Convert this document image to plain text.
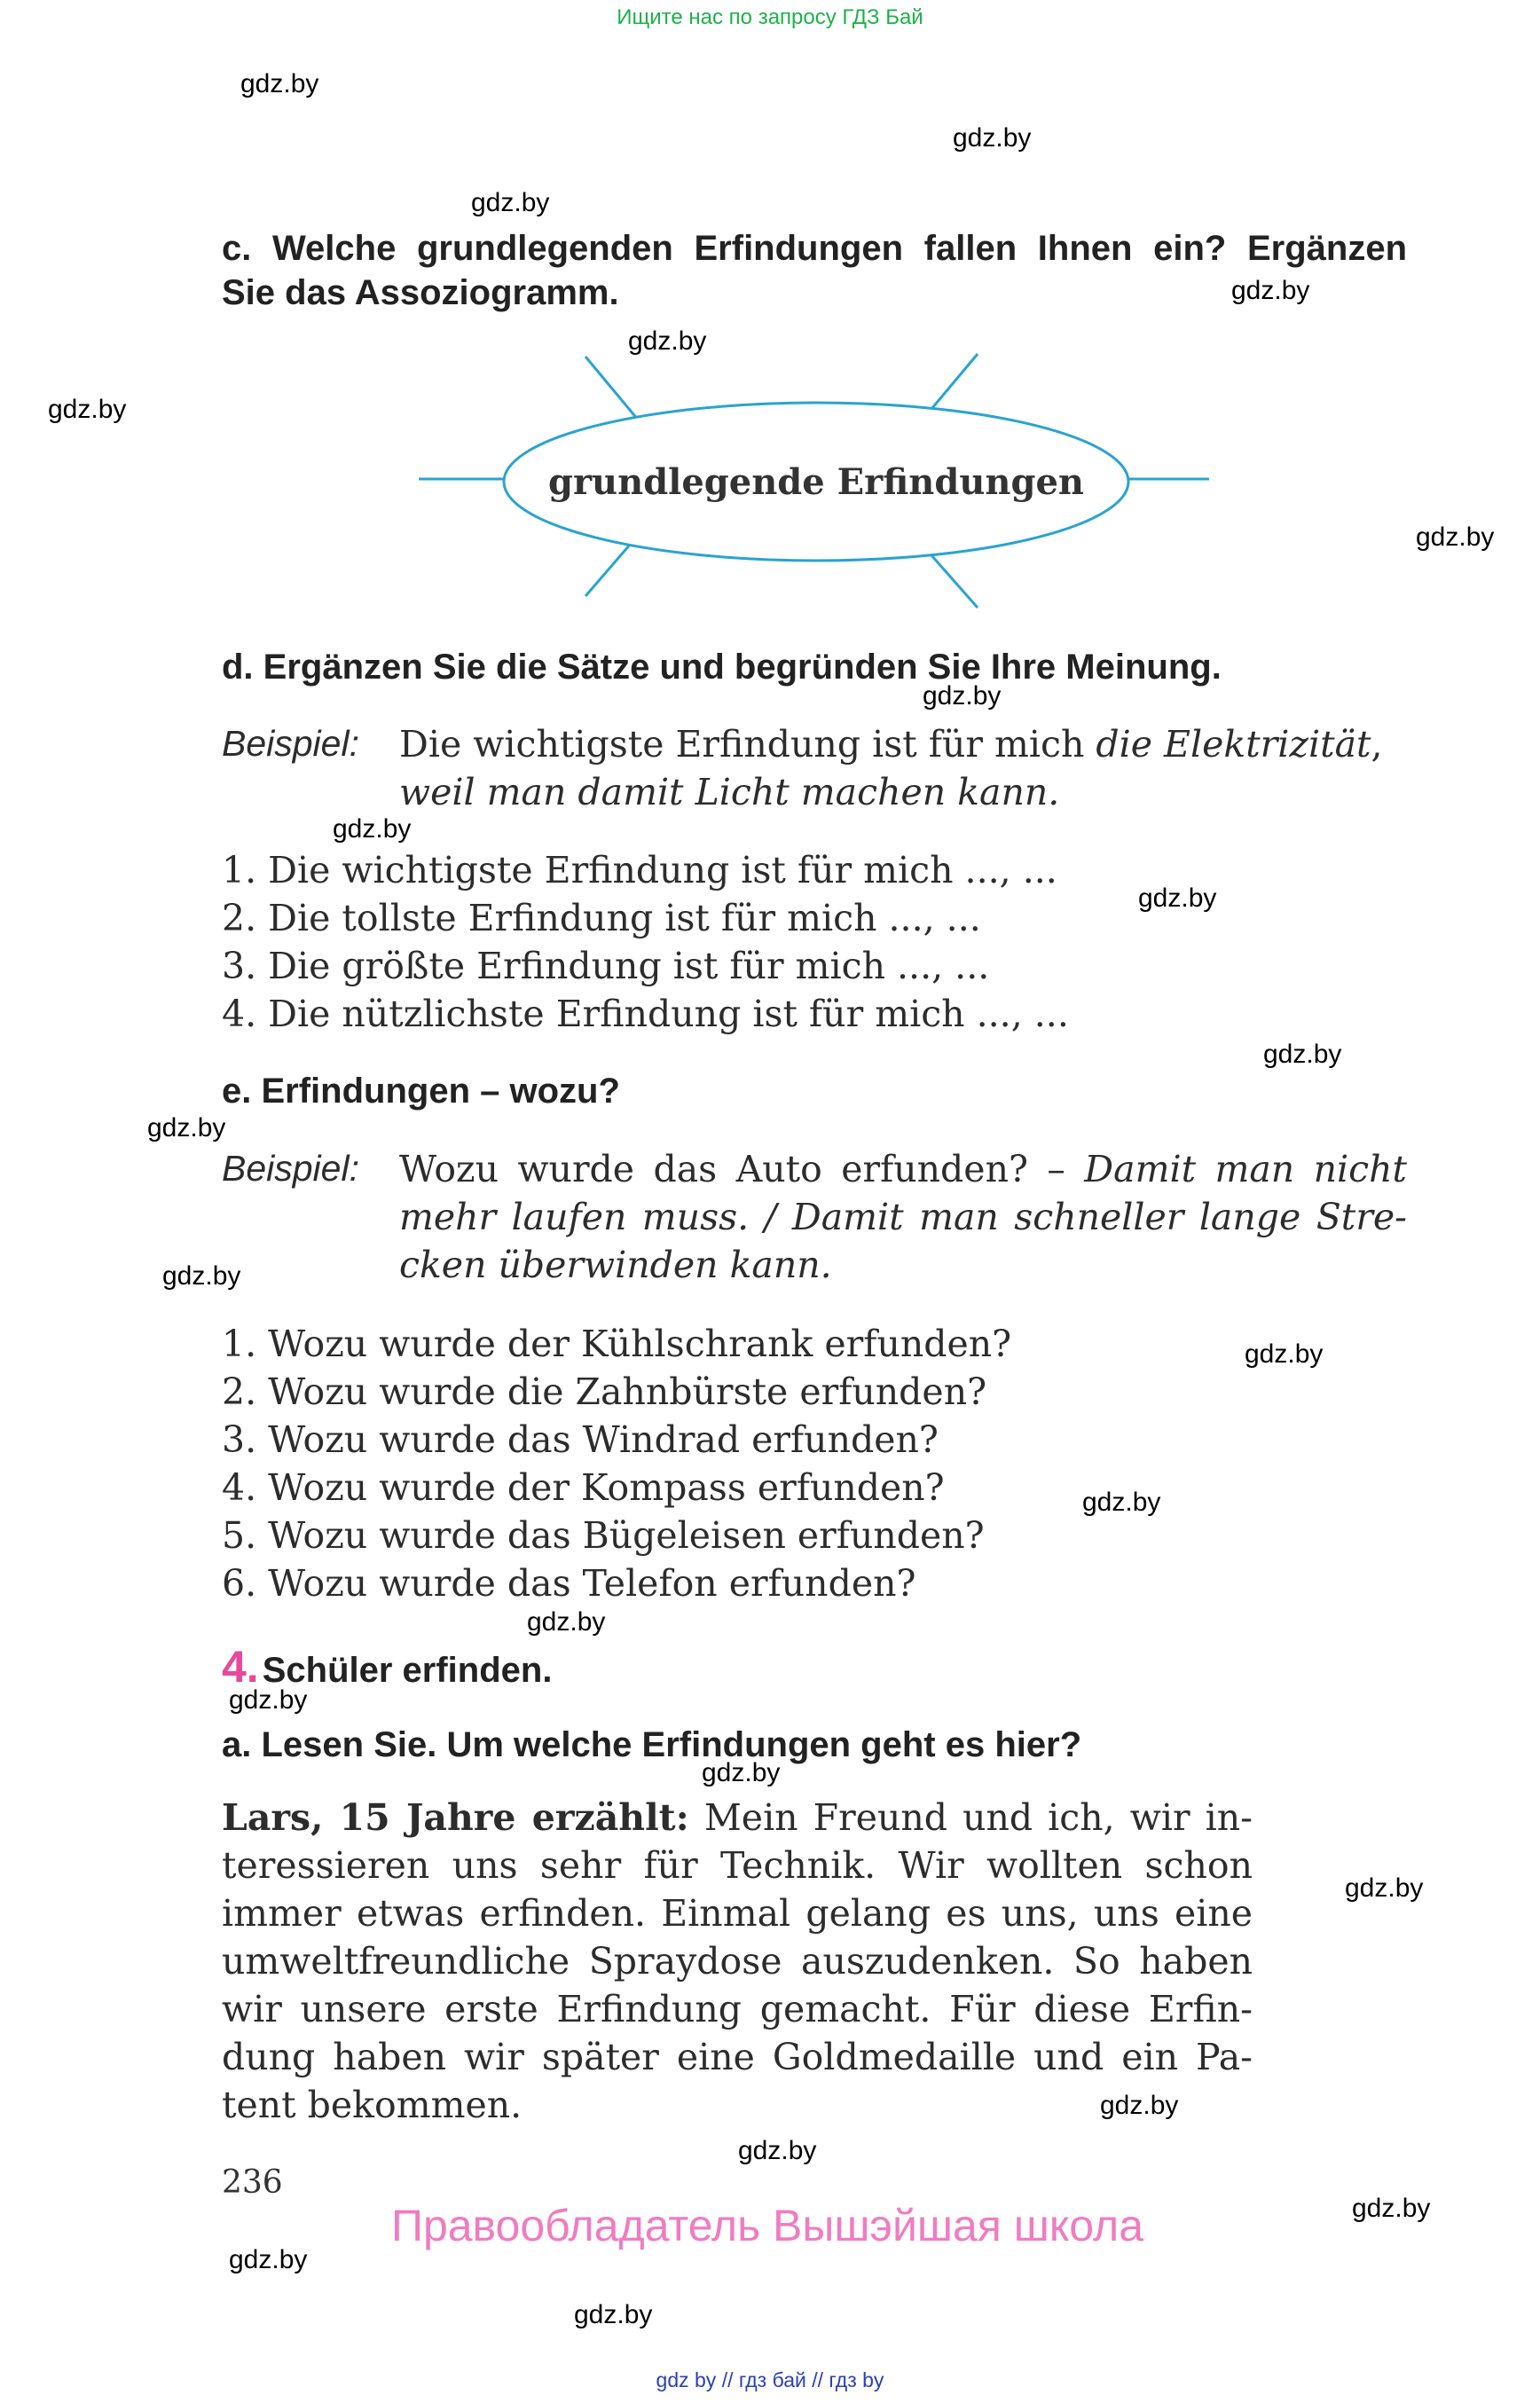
Ищите нас по запросу ГДЗ Бай
gdz.by
gdz.by
gdz.by
gdz.by
gdz.by
gdz.by
gdz.by
gdz.by
gdz.by
gdz.by
gdz.by
gdz.by
gdz.by
gdz.by
gdz.by
gdz.by
gdz.by
gdz.by
gdz.by
gdz.by
gdz.by
gdz.by
gdz.by
gdz.by
c. Welche grundlegenden Erfindungen fallen Ihnen ein? Ergänzen
Sie das Assoziogramm.
grundlegende Erfindungen
d. Ergänzen Sie die Sätze und begründen Sie Ihre Meinung.
Beispiel: Die wichtigste Erfindung ist für mich die Elektrizität,
weil man damit Licht machen kann.
1. Die wichtigste Erfindung ist für mich ..., ...
2. Die tollste Erfindung ist für mich ..., ...
3. Die größte Erfindung ist für mich ..., ...
4. Die nützlichste Erfindung ist für mich ..., ...
e. Erfindungen – wozu?
Beispiel: Wozu wurde das Auto erfunden? – Damit man nicht
mehr laufen muss. / Damit man schneller lange Stre-
cken überwinden kann.
1. Wozu wurde der Kühlschrank erfunden?
2. Wozu wurde die Zahnbürste erfunden?
3. Wozu wurde das Windrad erfunden?
4. Wozu wurde der Kompass erfunden?
5. Wozu wurde das Bügeleisen erfunden?
6. Wozu wurde das Telefon erfunden?
4. Schüler erfinden.
a. Lesen Sie. Um welche Erfindungen geht es hier?
Lars, 15 Jahre erzählt: Mein Freund und ich, wir in-
teressieren uns sehr für Technik. Wir wollten schon
immer etwas erfinden. Einmal gelang es uns, uns eine
umweltfreundliche Spraydose auszudenken. So haben
wir unsere erste Erfindung gemacht. Für diese Erfin-
dung haben wir später eine Goldmedaille und ein Pa-
tent bekommen.
236
Правообладатель Вышэйшая школа
gdz by // гдз бай // гдз by
